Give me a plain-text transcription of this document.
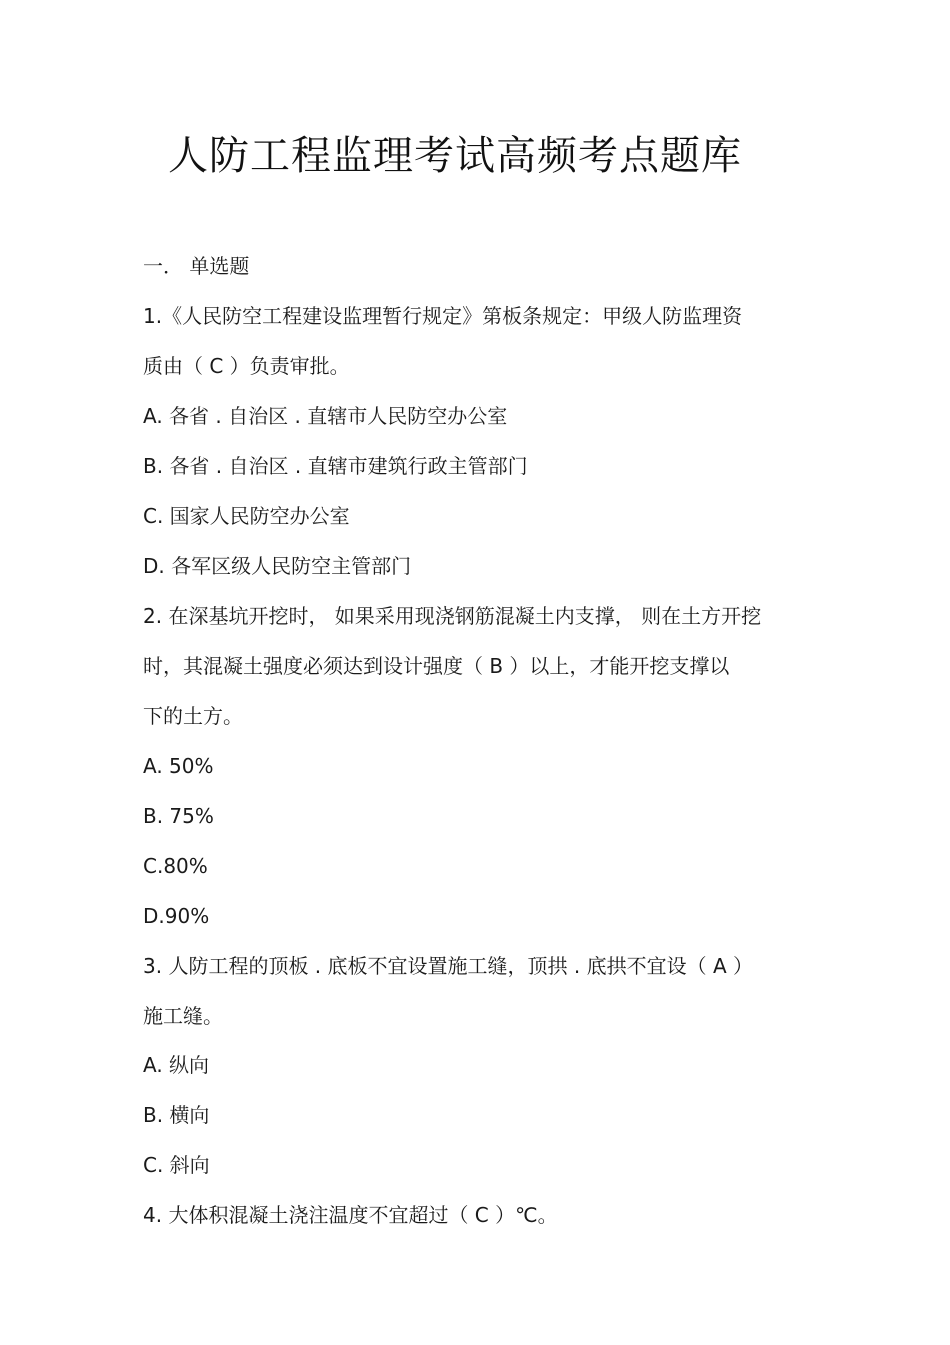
人防工程监理考试高频考点题库
一． 单选题
1.《人民防空工程建设监理暂行规定》第板条规定：甲级人防监理资
质由（ C ）负责审批。
A. 各省 . 自治区 . 直辖市人民防空办公室
B. 各省 . 自治区 . 直辖市建筑行政主管部门
C. 国家人民防空办公室
D. 各军区级人民防空主管部门
2. 在深基坑开挖时， 如果采用现浇钢筋混凝土内支撑， 则在土方开挖
时，其混凝土强度必须达到设计强度（ B ）以上，才能开挖支撑以
下的土方。
A. 50%
B. 75%
C.80%
D.90%
3. 人防工程的顶板 . 底板不宜设置施工缝，顶拱 . 底拱不宜设（ A ）
施工缝。
A. 纵向
B. 横向
C. 斜向
4. 大体积混凝土浇注温度不宜超过（ C ）℃。
